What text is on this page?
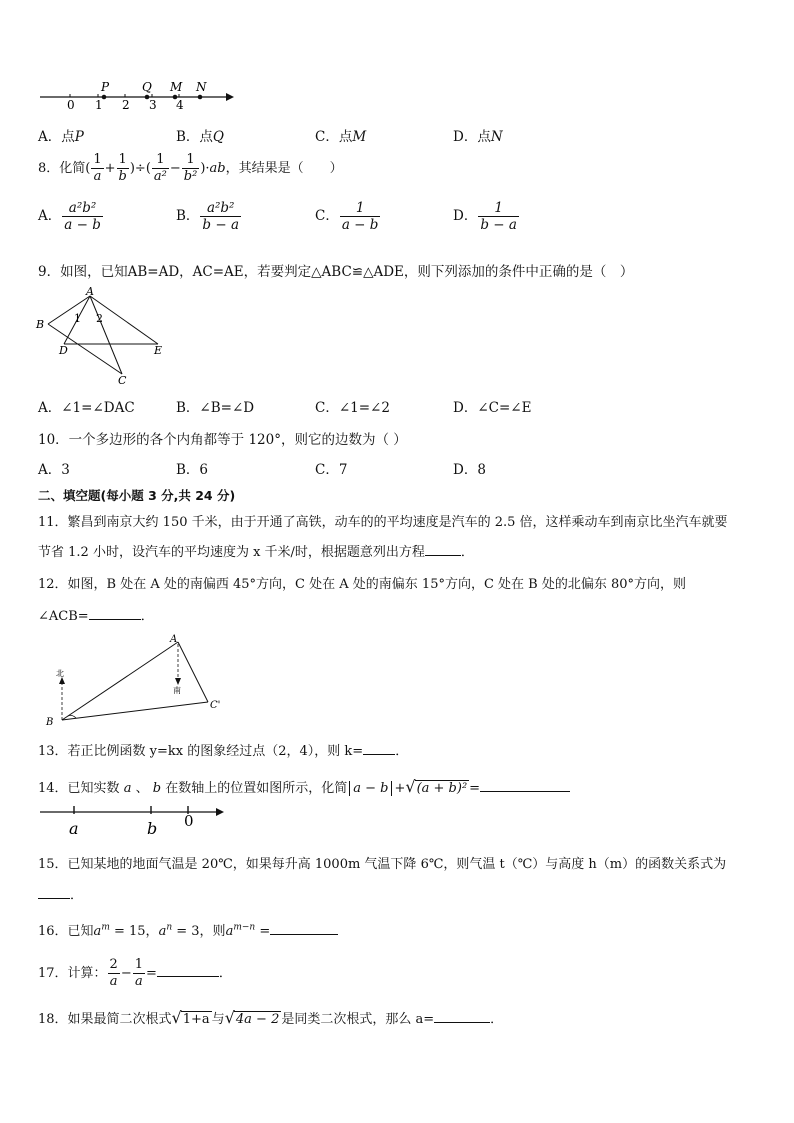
0 1 2 3 4
P	Q M N
A．点P	B．点Q	C．点M	D．点N
8．化简( $\frac{1}{a} + \frac{1}{b}$ )÷( $\frac{1}{\text{a²}} - \frac{1}{\text{b²}} )\cdot ab$，其结果是（　　）
A． $\frac{\text{a²b²}}{a - b}$	B． $\frac{\text{a²b²}}{b - a}$	C． $\frac{1}{a - b}$	D． $\frac{1}{b - a}$
9．如图，已知AB=AD，AC=AE，若要判定△ABC≌△ADE，则下列添加的条件中正确的是（　）
A
B
C
D	E
1 2
A．∠1=∠DAC	B．∠B=∠D	C．∠1=∠2	D．∠C=∠E
10．一个多边形的各个内角都等于 120°，则它的边数为（ ）
A．3	B．6	C．7	D．8
二、填空题(每小题 3 分,共 24 分)
11．繁昌到南京大约 150 千米，由于开通了高铁，动车的的平均速度是汽车的 2.5 倍，这样乘动车到南京比坐汽车就要
节省 1.2 小时，设汽车的平均速度为 x 千米/时，根据题意列出方程	．
12．如图，B 处在 A 处的南偏西 45°方向，C 处在 A 处的南偏东 15°方向，C 处在 B 处的北偏东 80°方向，则
∠ACB=	．
A
B
C'
北
南
13．若正比例函数 y=kx 的图象经过点（2，4），则 k= ．
14．已知实数 a 、 b 在数轴上的位置如图所示，化简 a − b +√(a + b)² =
a	b 0
15．已知某地的地面气温是 20℃，如果每升高 1000m 气温下降 6℃，则气温 t（℃）与高度 h（m）的函数关系式为
．
16．已知$a^m = 15$，$a^n = 3$，则$a^{m-n}$ =
17．计算： $\frac{2}{a} - \frac{1}{a}$ =	．
18．如果最简二次根式√1+a 与√4a − 2 是同类二次根式，那么 a=	．
